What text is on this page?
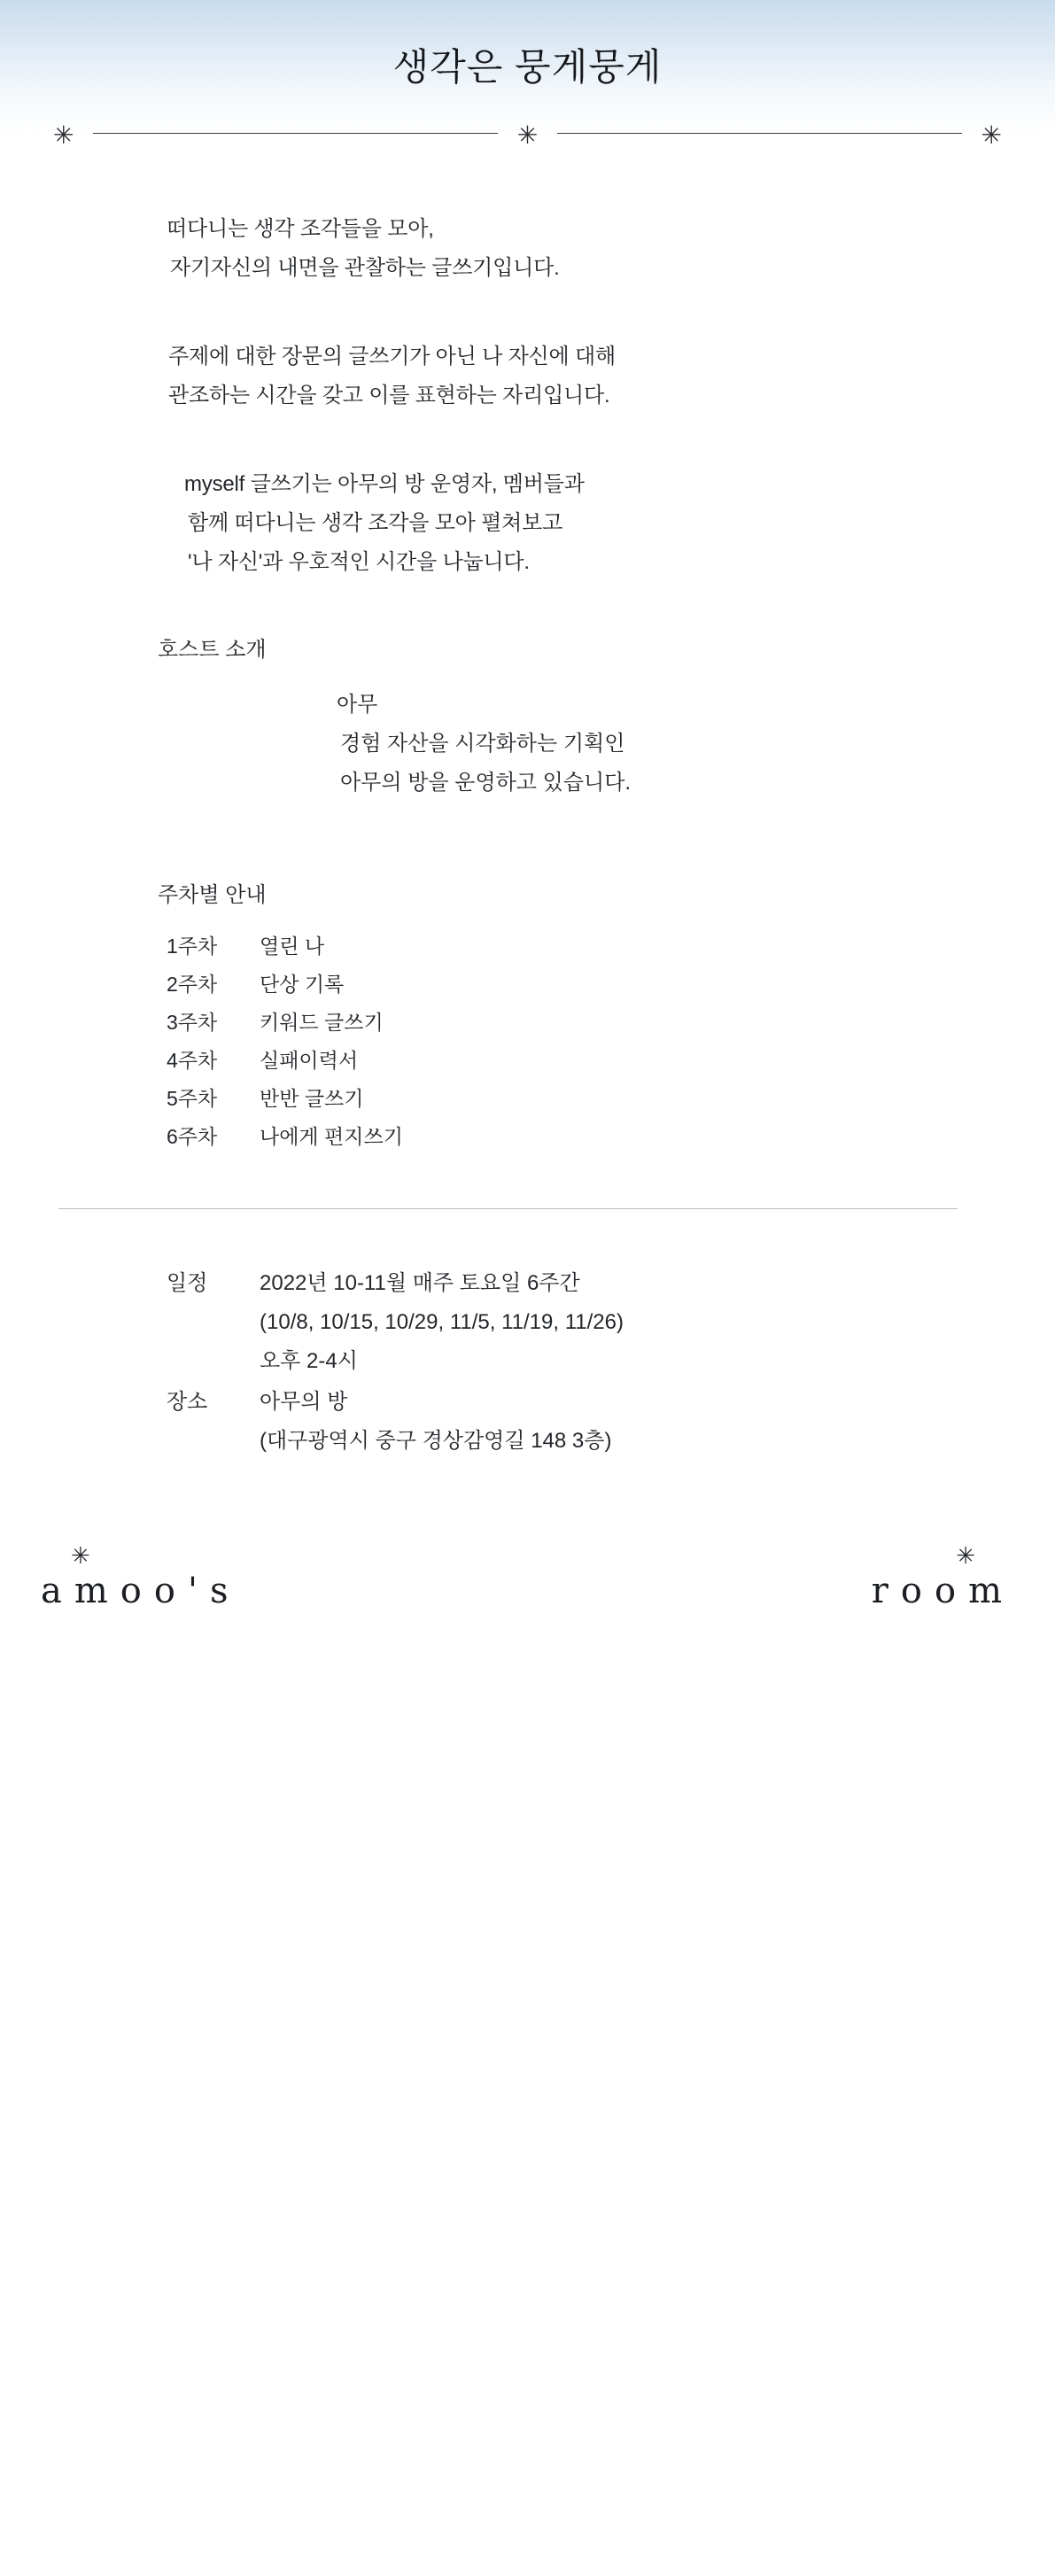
생각은 뭉게뭉게
✳	✳	✳
떠다니는 생각 조각들을 모아,
자기자신의 내면을 관찰하는 글쓰기입니다.
주제에 대한 장문의 글쓰기가 아닌 나 자신에 대해
관조하는 시간을 갖고 이를 표현하는 자리입니다.
myself 글쓰기는 아무의 방 운영자, 멤버들과
함께 떠다니는 생각 조각을 모아 펼쳐보고
'나 자신'과 우호적인 시간을 나눕니다.
호스트 소개
아무
경험 자산을 시각화하는 기획인
아무의 방을 운영하고 있습니다.
주차별 안내
1주차	열린 나
2주차	단상 기록
3주차	키워드 글쓰기
4주차	실패이력서
5주차	반반 글쓰기
6주차	나에게 편지쓰기
일정	2022년 10-11월 매주 토요일 6주간
(10/8, 10/15, 10/29, 11/5, 11/19, 11/26)
오후 2-4시
장소	아무의 방
(대구광역시 중구 경상감영길 148 3층)
✳	✳
amoo's	room
